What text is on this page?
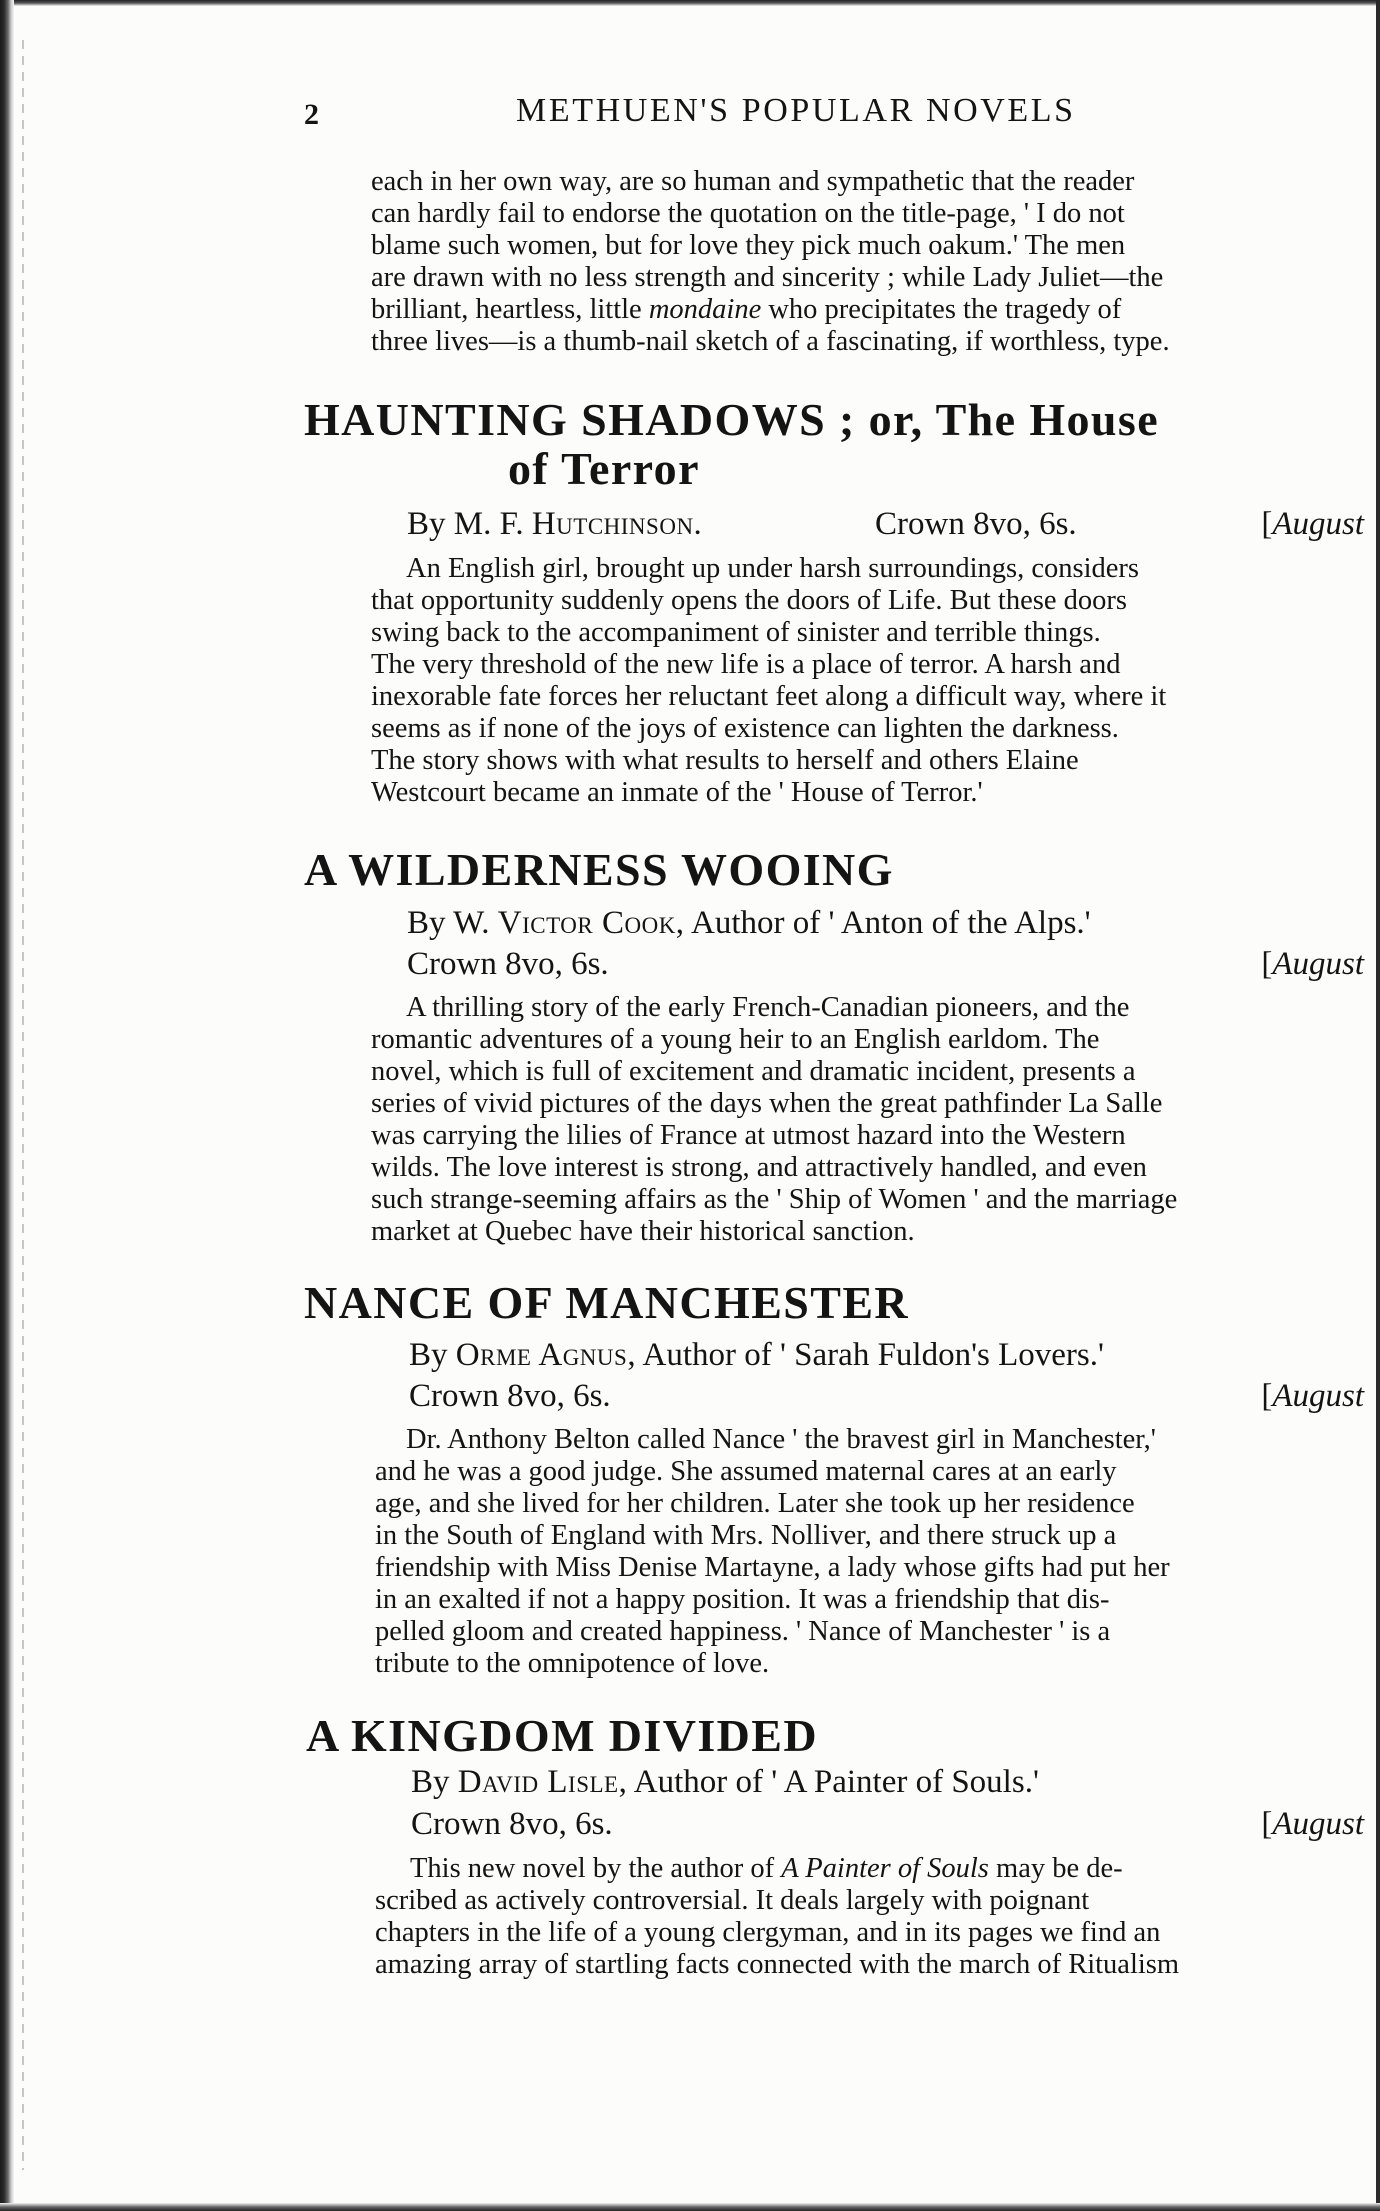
2	METHUEN'S POPULAR NOVELS
each in her own way, are so human and sympathetic that the reader
can hardly fail to endorse the quotation on the title-page, ' I do not
blame such women, but for love they pick much oakum.' The men
are drawn with no less strength and sincerity ; while Lady Juliet—the
brilliant, heartless, little mondaine who precipitates the tragedy of
three lives—is a thumb-nail sketch of a fascinating, if worthless, type.
HAUNTING SHADOWS ; or, The House
of Terror
By M. F. Hutchinson.	Crown 8vo, 6s.	[August
An English girl, brought up under harsh surroundings, considers
that opportunity suddenly opens the doors of Life. But these doors
swing back to the accompaniment of sinister and terrible things.
The very threshold of the new life is a place of terror. A harsh and
inexorable fate forces her reluctant feet along a difficult way, where it
seems as if none of the joys of existence can lighten the darkness.
The story shows with what results to herself and others Elaine
Westcourt became an inmate of the ' House of Terror.'
A WILDERNESS WOOING
By W. Victor Cook, Author of ' Anton of the Alps.'
Crown 8vo, 6s.	[August
A thrilling story of the early French-Canadian pioneers, and the
romantic adventures of a young heir to an English earldom. The
novel, which is full of excitement and dramatic incident, presents a
series of vivid pictures of the days when the great pathfinder La Salle
was carrying the lilies of France at utmost hazard into the Western
wilds. The love interest is strong, and attractively handled, and even
such strange-seeming affairs as the ' Ship of Women ' and the marriage
market at Quebec have their historical sanction.
NANCE OF MANCHESTER
By Orme Agnus, Author of ' Sarah Fuldon's Lovers.'
Crown 8vo, 6s.	[August
Dr. Anthony Belton called Nance ' the bravest girl in Manchester,'
and he was a good judge. She assumed maternal cares at an early
age, and she lived for her children. Later she took up her residence
in the South of England with Mrs. Nolliver, and there struck up a
friendship with Miss Denise Martayne, a lady whose gifts had put her
in an exalted if not a happy position. It was a friendship that dis-
pelled gloom and created happiness. ' Nance of Manchester ' is a
tribute to the omnipotence of love.
A KINGDOM DIVIDED
By David Lisle, Author of ' A Painter of Souls.'
Crown 8vo, 6s.	[August
This new novel by the author of A Painter of Souls may be de-
scribed as actively controversial. It deals largely with poignant
chapters in the life of a young clergyman, and in its pages we find an
amazing array of startling facts connected with the march of Ritualism
